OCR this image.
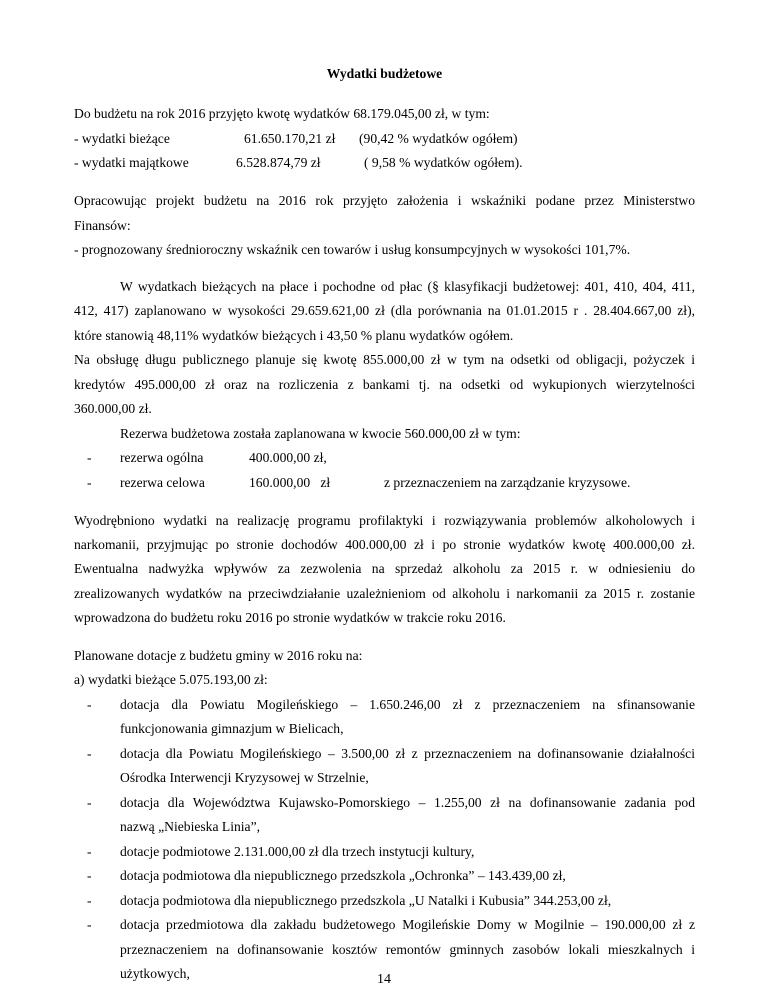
Wydatki budżetowe
Do budżetu na rok 2016 przyjęto kwotę wydatków 68.179.045,00 zł, w tym:
- wydatki bieżące	61.650.170,21 zł (90,42 % wydatków ogółem)
- wydatki majątkowe	6.528.874,79 zł	( 9,58 % wydatków ogółem).
Opracowując projekt budżetu na 2016 rok przyjęto założenia i wskaźniki podane przez Ministerstwo
Finansów:
- prognozowany średnioroczny wskaźnik cen towarów i usług konsumpcyjnych w wysokości 101,7%.
W wydatkach bieżących na płace i pochodne od płac (§ klasyfikacji budżetowej: 401, 410, 404, 411,
412, 417) zaplanowano w wysokości 29.659.621,00 zł (dla porównania na 01.01.2015 r . 28.404.667,00 zł),
które stanowią 48,11% wydatków bieżących i 43,50 % planu wydatków ogółem.
Na obsługę długu publicznego planuje się kwotę 855.000,00 zł w tym na odsetki od obligacji, pożyczek i
kredytów 495.000,00 zł oraz na rozliczenia z bankami tj. na odsetki od wykupionych wierzytelności
360.000,00 zł.
Rezerwa budżetowa została zaplanowana w kwocie 560.000,00 zł w tym:
- rezerwa ogólna	400.000,00 zł,
- rezerwa celowa	160.000,00   zł	z przeznaczeniem na zarządzanie kryzysowe.
Wyodrębniono wydatki na realizację programu profilaktyki i rozwiązywania problemów alkoholowych i
narkomanii, przyjmując po stronie dochodów 400.000,00 zł i po stronie wydatków kwotę 400.000,00 zł.
Ewentualna nadwyżka wpływów za zezwolenia na sprzedaż alkoholu za 2015 r. w odniesieniu do
zrealizowanych wydatków na przeciwdziałanie uzależnieniom od alkoholu i narkomanii za 2015 r. zostanie
wprowadzona do budżetu roku 2016 po stronie wydatków w trakcie roku 2016.
Planowane dotacje z budżetu gminy w 2016 roku na:
a) wydatki bieżące 5.075.193,00 zł:
- dotacja dla Powiatu Mogileńskiego – 1.650.246,00 zł z przeznaczeniem na sfinansowanie
funkcjonowania gimnazjum w Bielicach,
- dotacja dla Powiatu Mogileńskiego – 3.500,00 zł z przeznaczeniem na dofinansowanie działalności
Ośrodka Interwencji Kryzysowej w Strzelnie,
- dotacja dla Województwa Kujawsko-Pomorskiego – 1.255,00 zł na dofinansowanie zadania pod
nazwą „Niebieska Linia”,
- dotacje podmiotowe 2.131.000,00 zł dla trzech instytucji kultury,
- dotacja podmiotowa dla niepublicznego przedszkola „Ochronka” – 143.439,00 zł,
- dotacja podmiotowa dla niepublicznego przedszkola „U Natalki i Kubusia” 344.253,00 zł,
- dotacja przedmiotowa dla zakładu budżetowego Mogileńskie Domy w Mogilnie – 190.000,00 zł z
przeznaczeniem na dofinansowanie kosztów remontów gminnych zasobów lokali mieszkalnych i
użytkowych,	14
